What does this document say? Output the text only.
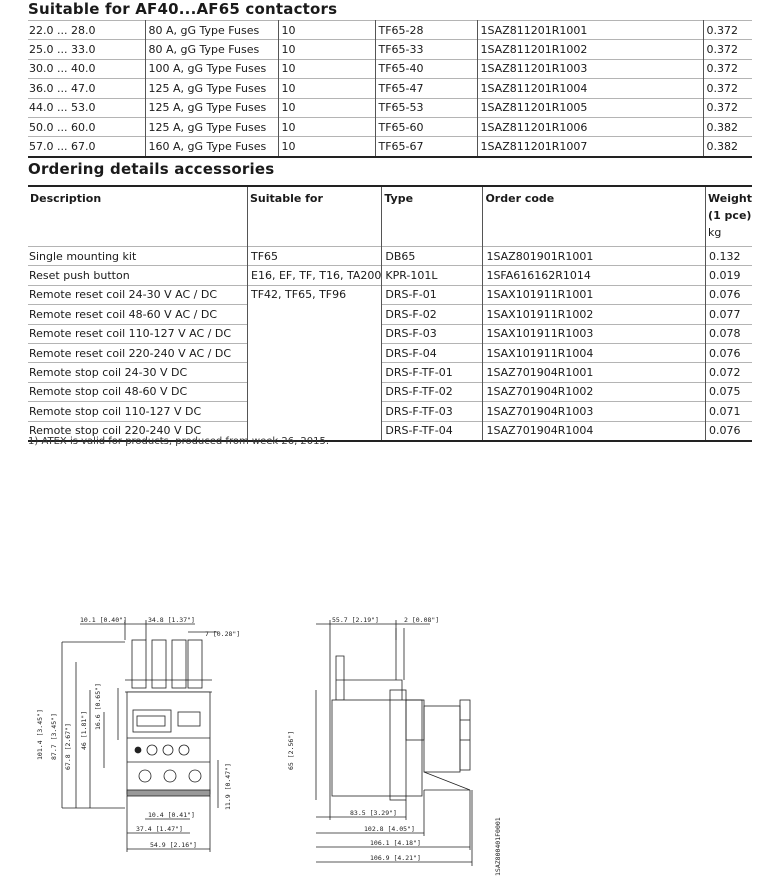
Suitable for AF40...AF65 contactors
22.0 ... 28.0	80 A, gG Type Fuses	10	TF65-28	1SAZ811201R1001	0.372
25.0 ... 33.0	80 A, gG Type Fuses	10	TF65-33	1SAZ811201R1002	0.372
30.0 ... 40.0	100 A, gG Type Fuses	10	TF65-40	1SAZ811201R1003	0.372
36.0 ... 47.0	125 A, gG Type Fuses	10	TF65-47	1SAZ811201R1004	0.372
44.0 ... 53.0	125 A, gG Type Fuses	10	TF65-53	1SAZ811201R1005	0.372
50.0 ... 60.0	125 A, gG Type Fuses	10	TF65-60	1SAZ811201R1006	0.382
57.0 ... 67.0	160 A, gG Type Fuses	10	TF65-67	1SAZ811201R1007	0.382
Ordering details accessories
Description	Suitable for	Type	Order code	Weight
(1 pce)
kg

Single mounting kit	TF65	DB65	1SAZ801901R1001	0.132
Reset push button	E16, EF, TF, T16, TA200	KPR-101L	1SFA616162R1014	0.019
Remote reset coil 24-30 V AC / DC	TF42, TF65, TF96	DRS-F-01	1SAX101911R1001	0.076
Remote reset coil 48-60 V AC / DC		DRS-F-02	1SAX101911R1002	0.077
Remote reset coil 110-127 V AC / DC		DRS-F-03	1SAX101911R1003	0.078
Remote reset coil 220-240 V AC / DC		DRS-F-04	1SAX101911R1004	0.076
Remote stop coil 24-30 V DC		DRS-F-TF-01	1SAZ701904R1001	0.072
Remote stop coil 48-60 V DC		DRS-F-TF-02	1SAZ701904R1002	0.075
Remote stop coil 110-127 V DC		DRS-F-TF-03	1SAZ701904R1003	0.071
Remote stop coil 220-240 V DC		DRS-F-TF-04	1SAZ701904R1004	0.076
1) ATEX is valid for products, produced from week 26, 2015.
10.1 [0.40"]	34.8 [1.37"]
7 [0.28"]
101.4 [3.45"] 87.7 [3.45"] 67.8 [2.67"] 46 [1.81"]
16.6 [0.65"]
11.9 [0.47"]
10.4 [0.41"]
37.4 [1.47"]
54.9 [2.16"]
55.7 [2.19"]	2 [0.08"]
65 [2.56"]
83.5 [3.29"]
102.8 [4.05"]
106.1 [4.18"]
106.9 [4.21"]	1SAZ800401F0001
